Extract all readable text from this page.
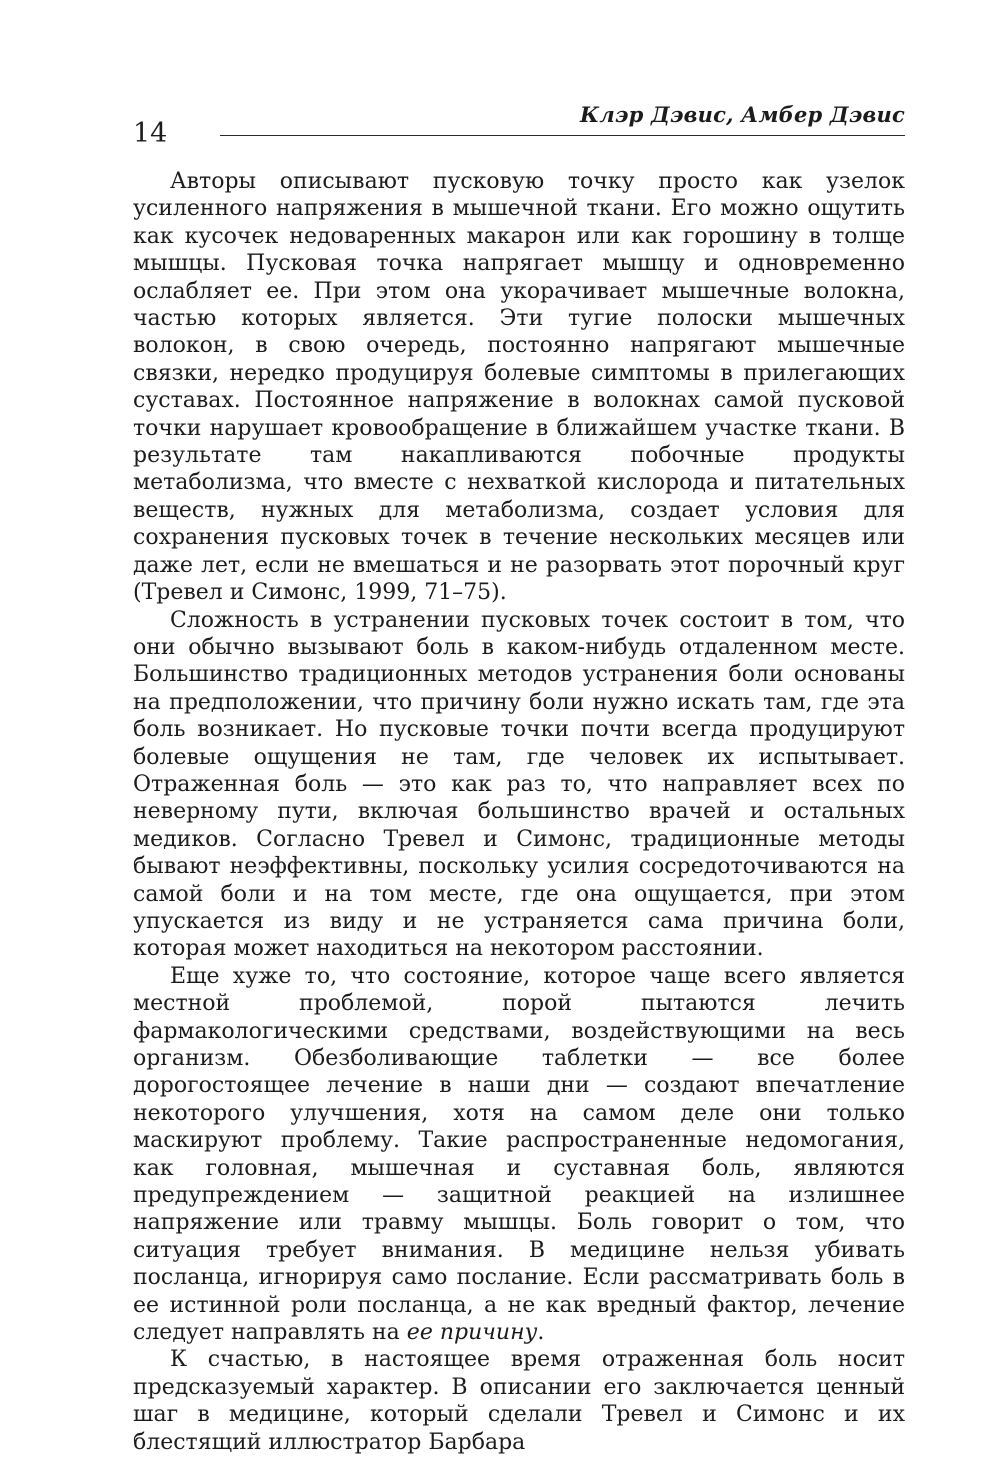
14
Клэр Дэвис, Амбер Дэвис

Авторы описывают пусковую точку просто как узелок усиленного напряжения в мышечной ткани. Его можно ощутить как кусочек недоваренных макарон или как горошину в толще мышцы. Пусковая точка напрягает мышцу и одновременно ослабляет ее. При этом она укорачивает мышечные волокна, частью которых является. Эти тугие полоски мышечных волокон, в свою очередь, постоянно напрягают мышечные связки, нередко продуцируя болевые симптомы в прилегающих суставах. Постоянное напряжение в волокнах самой пусковой точки нарушает кровообращение в ближайшем участке ткани. В результате там накапливаются побочные продукты метаболизма, что вместе с нехваткой кислорода и питательных веществ, нужных для метаболизма, создает условия для сохранения пусковых точек в течение нескольких месяцев или даже лет, если не вмешаться и не разорвать этот порочный круг (Тревел и Симонс, 1999, 71–75).

Сложность в устранении пусковых точек состоит в том, что они обычно вызывают боль в каком-нибудь отдаленном месте. Большинство традиционных методов устранения боли основаны на предположении, что причину боли нужно искать там, где эта боль возникает. Но пусковые точки почти всегда продуцируют болевые ощущения не там, где человек их испытывает. Отраженная боль — это как раз то, что направляет всех по неверному пути, включая большинство врачей и остальных медиков. Согласно Тревел и Симонс, традиционные методы бывают неэффективны, поскольку усилия сосредоточиваются на самой боли и на том месте, где она ощущается, при этом упускается из виду и не устраняется сама причина боли, которая может находиться на некотором расстоянии.

Еще хуже то, что состояние, которое чаще всего является местной проблемой, порой пытаются лечить фармакологическими средствами, воздействующими на весь организм. Обезболивающие таблетки — все более дорогостоящее лечение в наши дни — создают впечатление некоторого улучшения, хотя на самом деле они только маскируют проблему. Такие распространенные недомогания, как головная, мышечная и суставная боль, являются предупреждением — защитной реакцией на излишнее напряжение или травму мышцы. Боль говорит о том, что ситуация требует внимания. В медицине нельзя убивать посланца, игнорируя само послание. Если рассматривать боль в ее истинной роли посланца, а не как вредный фактор, лечение следует направлять на ее причину.

К счастью, в настоящее время отраженная боль носит предсказуемый характер. В описании его заключается ценный шаг в медицине, который сделали Тревел и Симонс и их блестящий иллюстратор Барбара
